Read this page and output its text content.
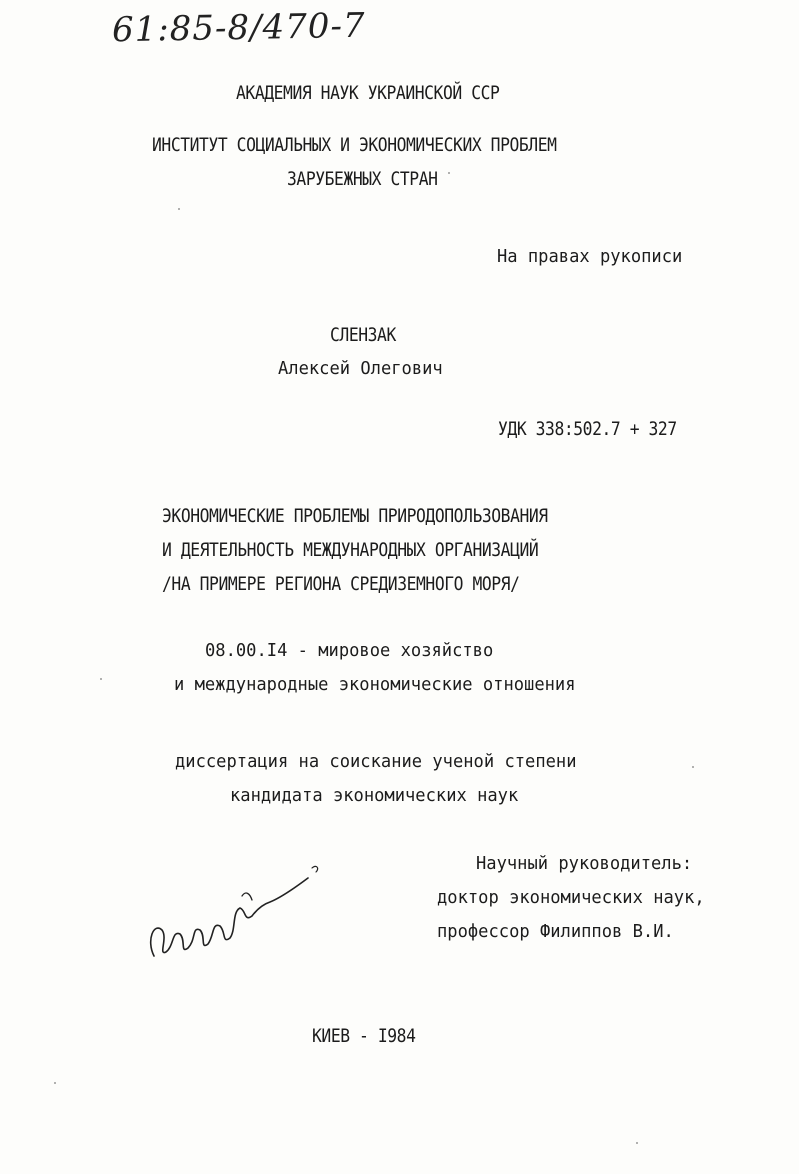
61:85-8/470-7
АКАДЕМИЯ НАУК УКРАИНСКОЙ ССР
ИНСТИТУТ СОЦИАЛЬНЫХ И ЭКОНОМИЧЕСКИХ ПРОБЛЕМ
ЗАРУБЕЖНЫХ СТРАН
На правах рукописи
СЛЕНЗАК
Алексей Олегович
УДК 338:502.7 + 327
ЭКОНОМИЧЕСКИЕ ПРОБЛЕМЫ ПРИРОДОПОЛЬЗОВАНИЯ
И ДЕЯТЕЛЬНОСТЬ МЕЖДУНАРОДНЫХ ОРГАНИЗАЦИЙ
/НА ПРИМЕРЕ РЕГИОНА СРЕДИЗЕМНОГО МОРЯ/
08.00.I4 - мировое хозяйство
и международные экономические отношения
диссертация на соискание ученой степени
кандидата экономических наук
Научный руководитель:
доктор экономических наук,
профессор Филиппов В.И.
КИЕВ - I984
